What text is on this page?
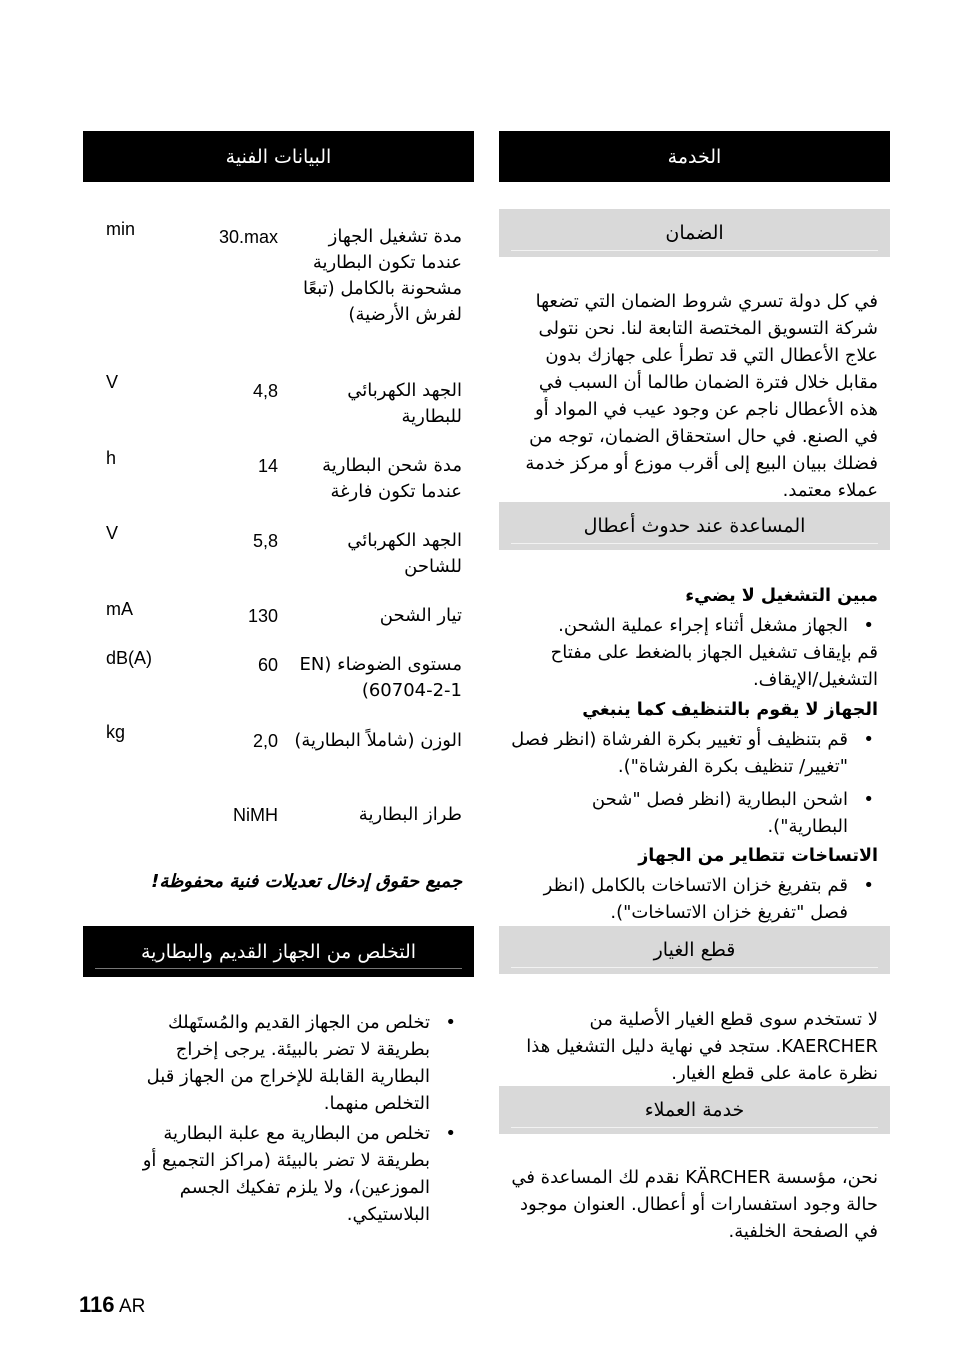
الخدمة
الضمان
في كل دولة تسري شروط الضمان التي تضعها شركة التسويق المختصة التابعة لنا. نحن نتولى علاج الأعطال التي قد تطرأ على جهازك بدون مقابل خلال فترة الضمان طالما أن السبب في هذه الأعطال ناجم عن وجود عيب في المواد أو في الصنع. في حال استحقاق الضمان، توجه من فضلك ببيان البيع إلى أقرب موزع أو مركز خدمة عملاء معتمد.
المساعدة عند حدوث أعطال
مبين التشغيل لا يضيء
•
الجهاز مشغل أثناء إجراء عملية الشحن.
قم بإيقاف تشغيل الجهاز بالضغط على مفتاح التشغيل/الإيقاف.
الجهاز لا يقوم بالتنظيف كما ينبغي
•
قم بتنظيف أو تغيير بكرة الفرشاة (انظر فصل "تغيير/ تنظيف بكرة الفرشاة").
•
اشحن البطارية (انظر فصل "شحن البطارية").
الاتساخات تتطاير من الجهاز
•
قم بتفريغ خزان الاتساخات بالكامل (انظر فصل "تفريغ خزان الاتساخات").
قطع الغيار
لا تستخدم سوى قطع الغيار الأصلية من KAERCHER. ستجد في نهاية دليل التشغيل هذا نظرة عامة على قطع الغيار.
خدمة العملاء
نحن، مؤسسة KÄRCHER نقدم لك المساعدة في حالة وجود استفسارات أو أعطال. العنوان موجود في الصفحة الخلفية.
البيانات الفنية
مدة تشغيل الجهاز عندما تكون البطارية مشحونة بالكامل (تبعًا لفرش الأرضية)
30.max
min
الجهد الكهربائي للبطارية
4,8
V
مدة شحن البطارية عندما تكون فارغة
14
h
الجهد الكهربائي للشاحن
5,8
V
تيار الشحن
130
mA
مستوى الضوضاء (EN 60704-2-1)
60
dB(A)
الوزن (شاملاً البطارية)
2,0
kg
طراز البطارية
NiMH
جميع حقوق إدخال تعديلات فنية محفوظة!
التخلص من الجهاز القديم والبطارية
•
تخلص من الجهاز القديم والمُستَهلك بطريقة لا تضر بالبيئة. يرجى إخراج البطارية القابلة للإخراج من الجهاز قبل التخلص منهما.
•
تخلص من البطارية مع علبة البطارية بطريقة لا تضر بالبيئة (مراكز التجميع أو الموزعين)، ولا يلزم تفكيك الجسم البلاستيكي.
116 AR
